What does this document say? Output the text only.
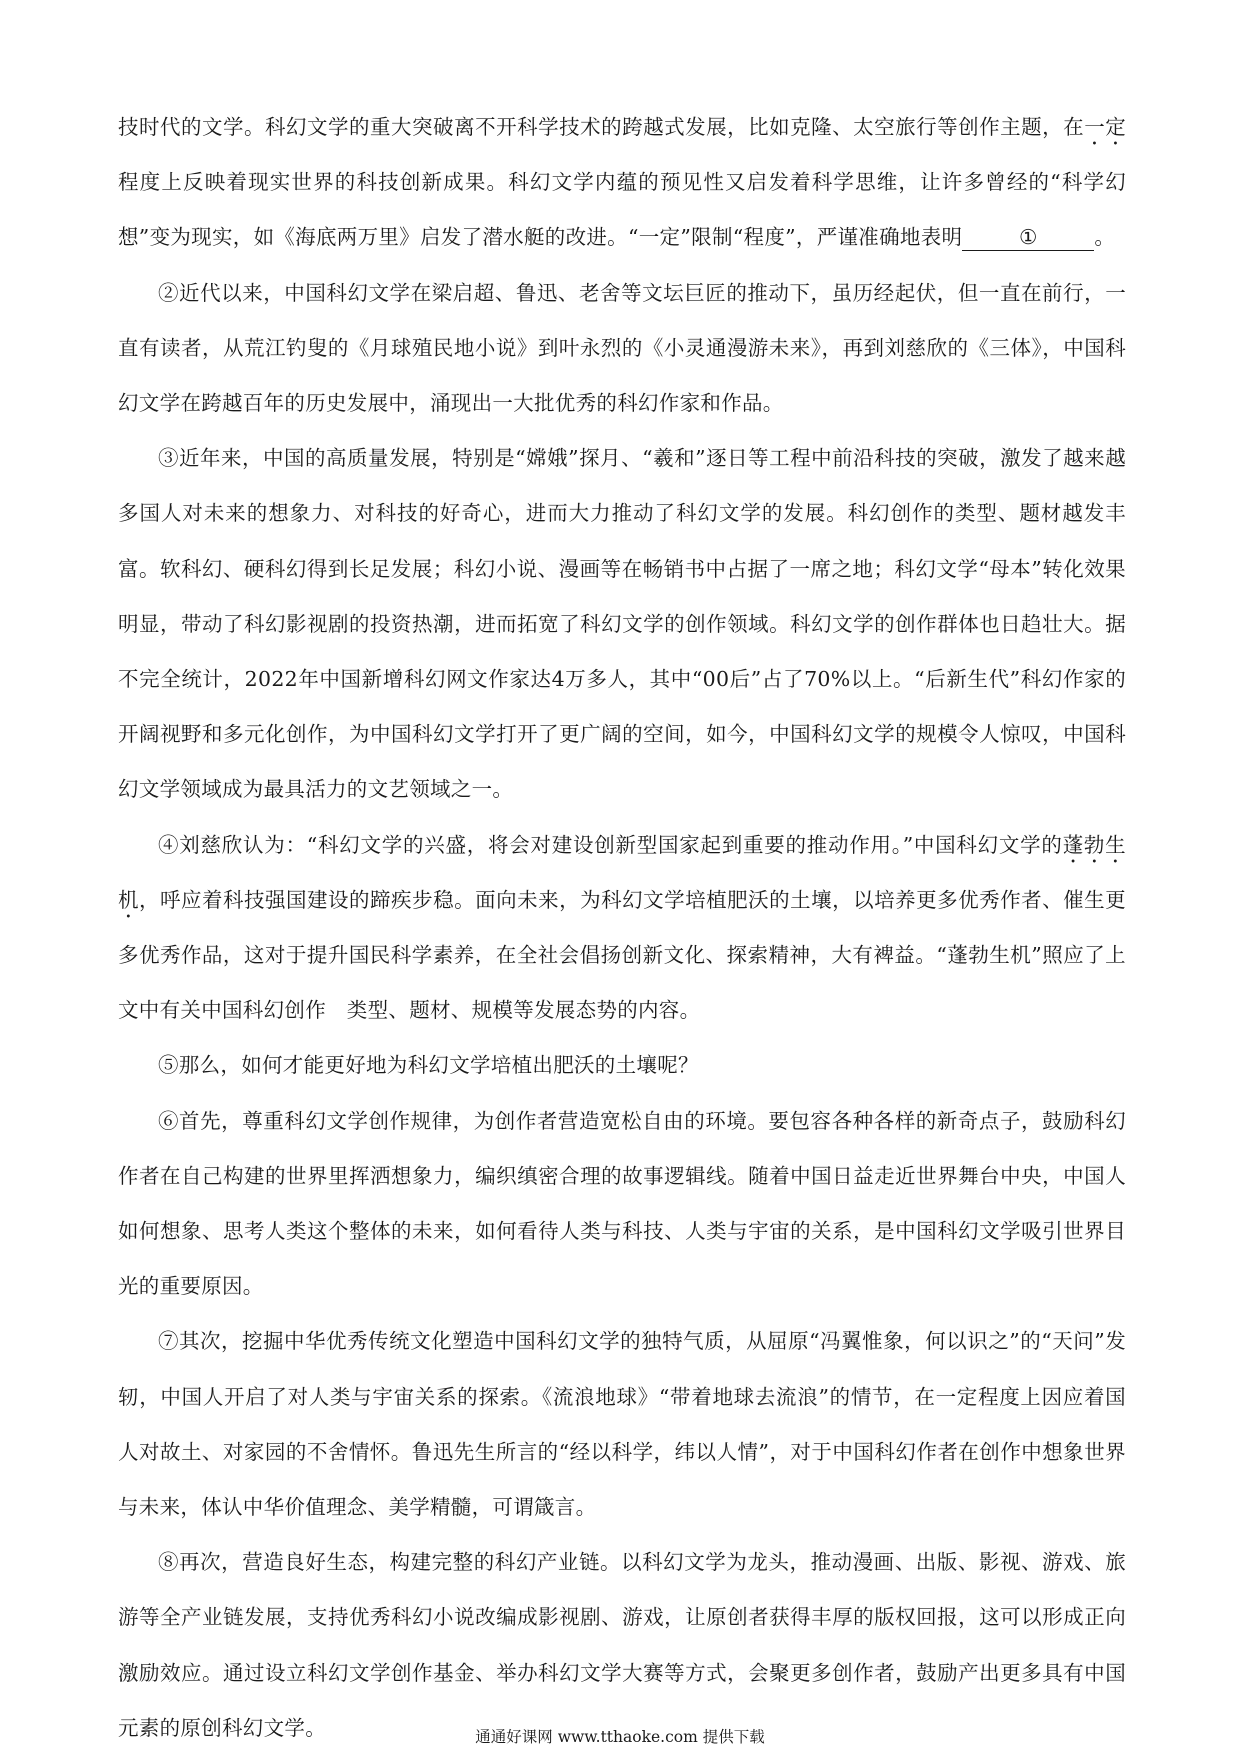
技时代的文学。科幻文学的重大突破离不开科学技术的跨越式发展，比如克隆、太空旅行等创作主题，在一定程度上反映着现实世界的科技创新成果。科幻文学内蕴的预见性又启发着科学思维，让许多曾经的“科学幻想”变为现实，如《海底两万里》启发了潜水艇的改进。“一定”限制“程度”，严谨准确地表明	①	。

②近代以来，中国科幻文学在梁启超、鲁迅、老舍等文坛巨匠的推动下，虽历经起伏，但一直在前行，一直有读者，从荒江钓叟的《月球殖民地小说》到叶永烈的《小灵通漫游未来》，再到刘慈欣的《三体》，中国科幻文学在跨越百年的历史发展中，涌现出一大批优秀的科幻作家和作品。

③近年来，中国的高质量发展，特别是“嫦娥”探月、“羲和”逐日等工程中前沿科技的突破，激发了越来越多国人对未来的想象力、对科技的好奇心，进而大力推动了科幻文学的发展。科幻创作的类型、题材越发丰富。软科幻、硬科幻得到长足发展；科幻小说、漫画等在畅销书中占据了一席之地；科幻文学“母本”转化效果明显，带动了科幻影视剧的投资热潮，进而拓宽了科幻文学的创作领域。科幻文学的创作群体也日趋壮大。据不完全统计，2022年中国新增科幻网文作家达4万多人，其中“00后”占了70%以上。“后新生代”科幻作家的开阔视野和多元化创作，为中国科幻文学打开了更广阔的空间，如今，中国科幻文学的规模令人惊叹，中国科幻文学领域成为最具活力的文艺领域之一。

④刘慈欣认为：“科幻文学的兴盛，将会对建设创新型国家起到重要的推动作用。”中国科幻文学的蓬勃生机，呼应着科技强国建设的蹄疾步稳。面向未来，为科幻文学培植肥沃的土壤，以培养更多优秀作者、催生更多优秀作品，这对于提升国民科学素养，在全社会倡扬创新文化、探索精神，大有裨益。“蓬勃生机”照应了上文中有关中国科幻创作　类型、题材、规模等发展态势的内容。

⑤那么，如何才能更好地为科幻文学培植出肥沃的土壤呢？

⑥首先，尊重科幻文学创作规律，为创作者营造宽松自由的环境。要包容各种各样的新奇点子，鼓励科幻作者在自己构建的世界里挥洒想象力，编织缜密合理的故事逻辑线。随着中国日益走近世界舞台中央，中国人如何想象、思考人类这个整体的未来，如何看待人类与科技、人类与宇宙的关系，是中国科幻文学吸引世界目光的重要原因。

⑦其次，挖掘中华优秀传统文化塑造中国科幻文学的独特气质，从屈原“冯翼惟象，何以识之”的“天问”发轫，中国人开启了对人类与宇宙关系的探索。《流浪地球》“带着地球去流浪”的情节，在一定程度上因应着国人对故土、对家园的不舍情怀。鲁迅先生所言的“经以科学，纬以人情”，对于中国科幻作者在创作中想象世界与未来，体认中华价值理念、美学精髓，可谓箴言。

⑧再次，营造良好生态，构建完整的科幻产业链。以科幻文学为龙头，推动漫画、出版、影视、游戏、旅游等全产业链发展，支持优秀科幻小说改编成影视剧、游戏，让原创者获得丰厚的版权回报，这可以形成正向激励效应。通过设立科幻文学创作基金、举办科幻文学大赛等方式，会聚更多创作者，鼓励产出更多具有中国元素的原创科幻文学。	通通好课网 www.tthaoke.com 提供下载
